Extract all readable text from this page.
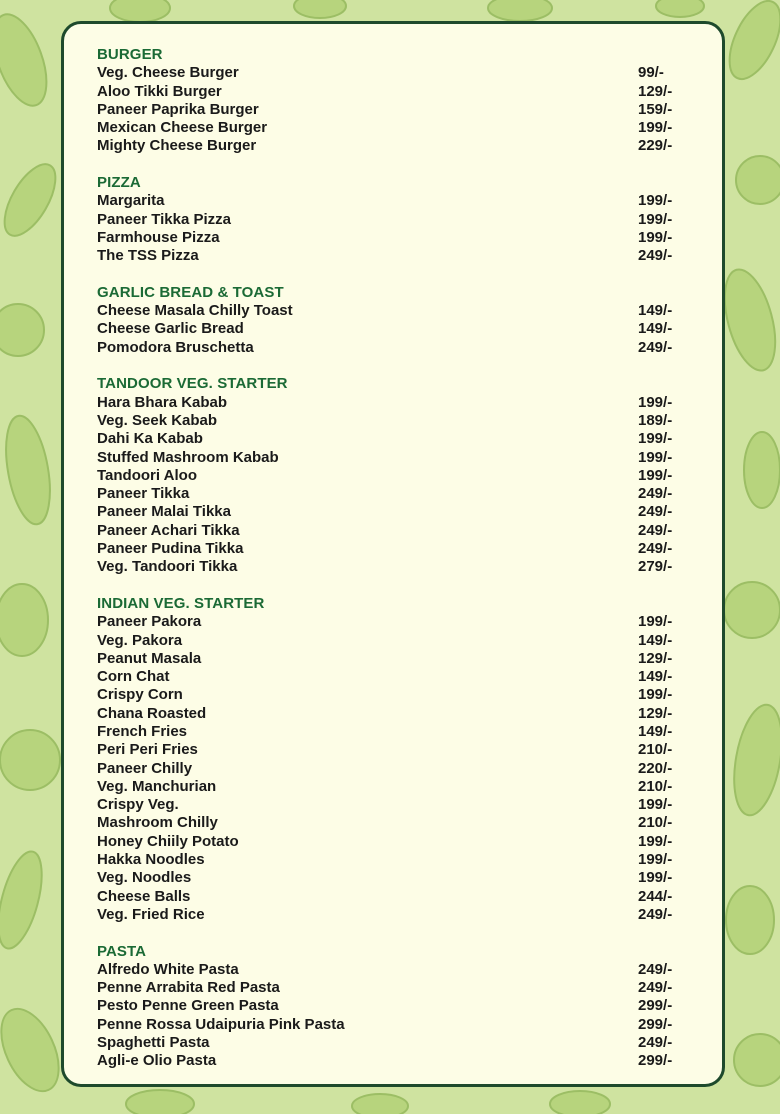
BURGER
Veg. Cheese Burger	99/-
Aloo Tikki Burger	129/-
Paneer Paprika Burger	159/-
Mexican Cheese Burger	199/-
Mighty Cheese Burger	229/-
PIZZA
Margarita	199/-
Paneer Tikka Pizza	199/-
Farmhouse Pizza	199/-
The TSS Pizza	249/-
GARLIC BREAD & TOAST
Cheese Masala Chilly Toast	149/-
Cheese Garlic Bread	149/-
Pomodora Bruschetta	249/-
TANDOOR VEG. STARTER
Hara Bhara Kabab	199/-
Veg. Seek Kabab	189/-
Dahi Ka Kabab	199/-
Stuffed Mashroom Kabab	199/-
Tandoori Aloo	199/-
Paneer Tikka	249/-
Paneer Malai Tikka	249/-
Paneer Achari Tikka	249/-
Paneer Pudina Tikka	249/-
Veg. Tandoori Tikka	279/-
INDIAN VEG. STARTER
Paneer Pakora	199/-
Veg. Pakora	149/-
Peanut Masala	129/-
Corn Chat	149/-
Crispy Corn	199/-
Chana Roasted	129/-
French Fries	149/-
Peri Peri Fries	210/-
Paneer Chilly	220/-
Veg. Manchurian	210/-
Crispy Veg.	199/-
Mashroom Chilly	210/-
Honey Chiily Potato	199/-
Hakka Noodles	199/-
Veg. Noodles	199/-
Cheese Balls	244/-
Veg. Fried Rice	249/-
PASTA
Alfredo White Pasta	249/-
Penne Arrabita Red Pasta	249/-
Pesto Penne Green Pasta	299/-
Penne Rossa Udaipuria Pink Pasta	299/-
Spaghetti Pasta	249/-
Agli-e Olio Pasta	299/-
